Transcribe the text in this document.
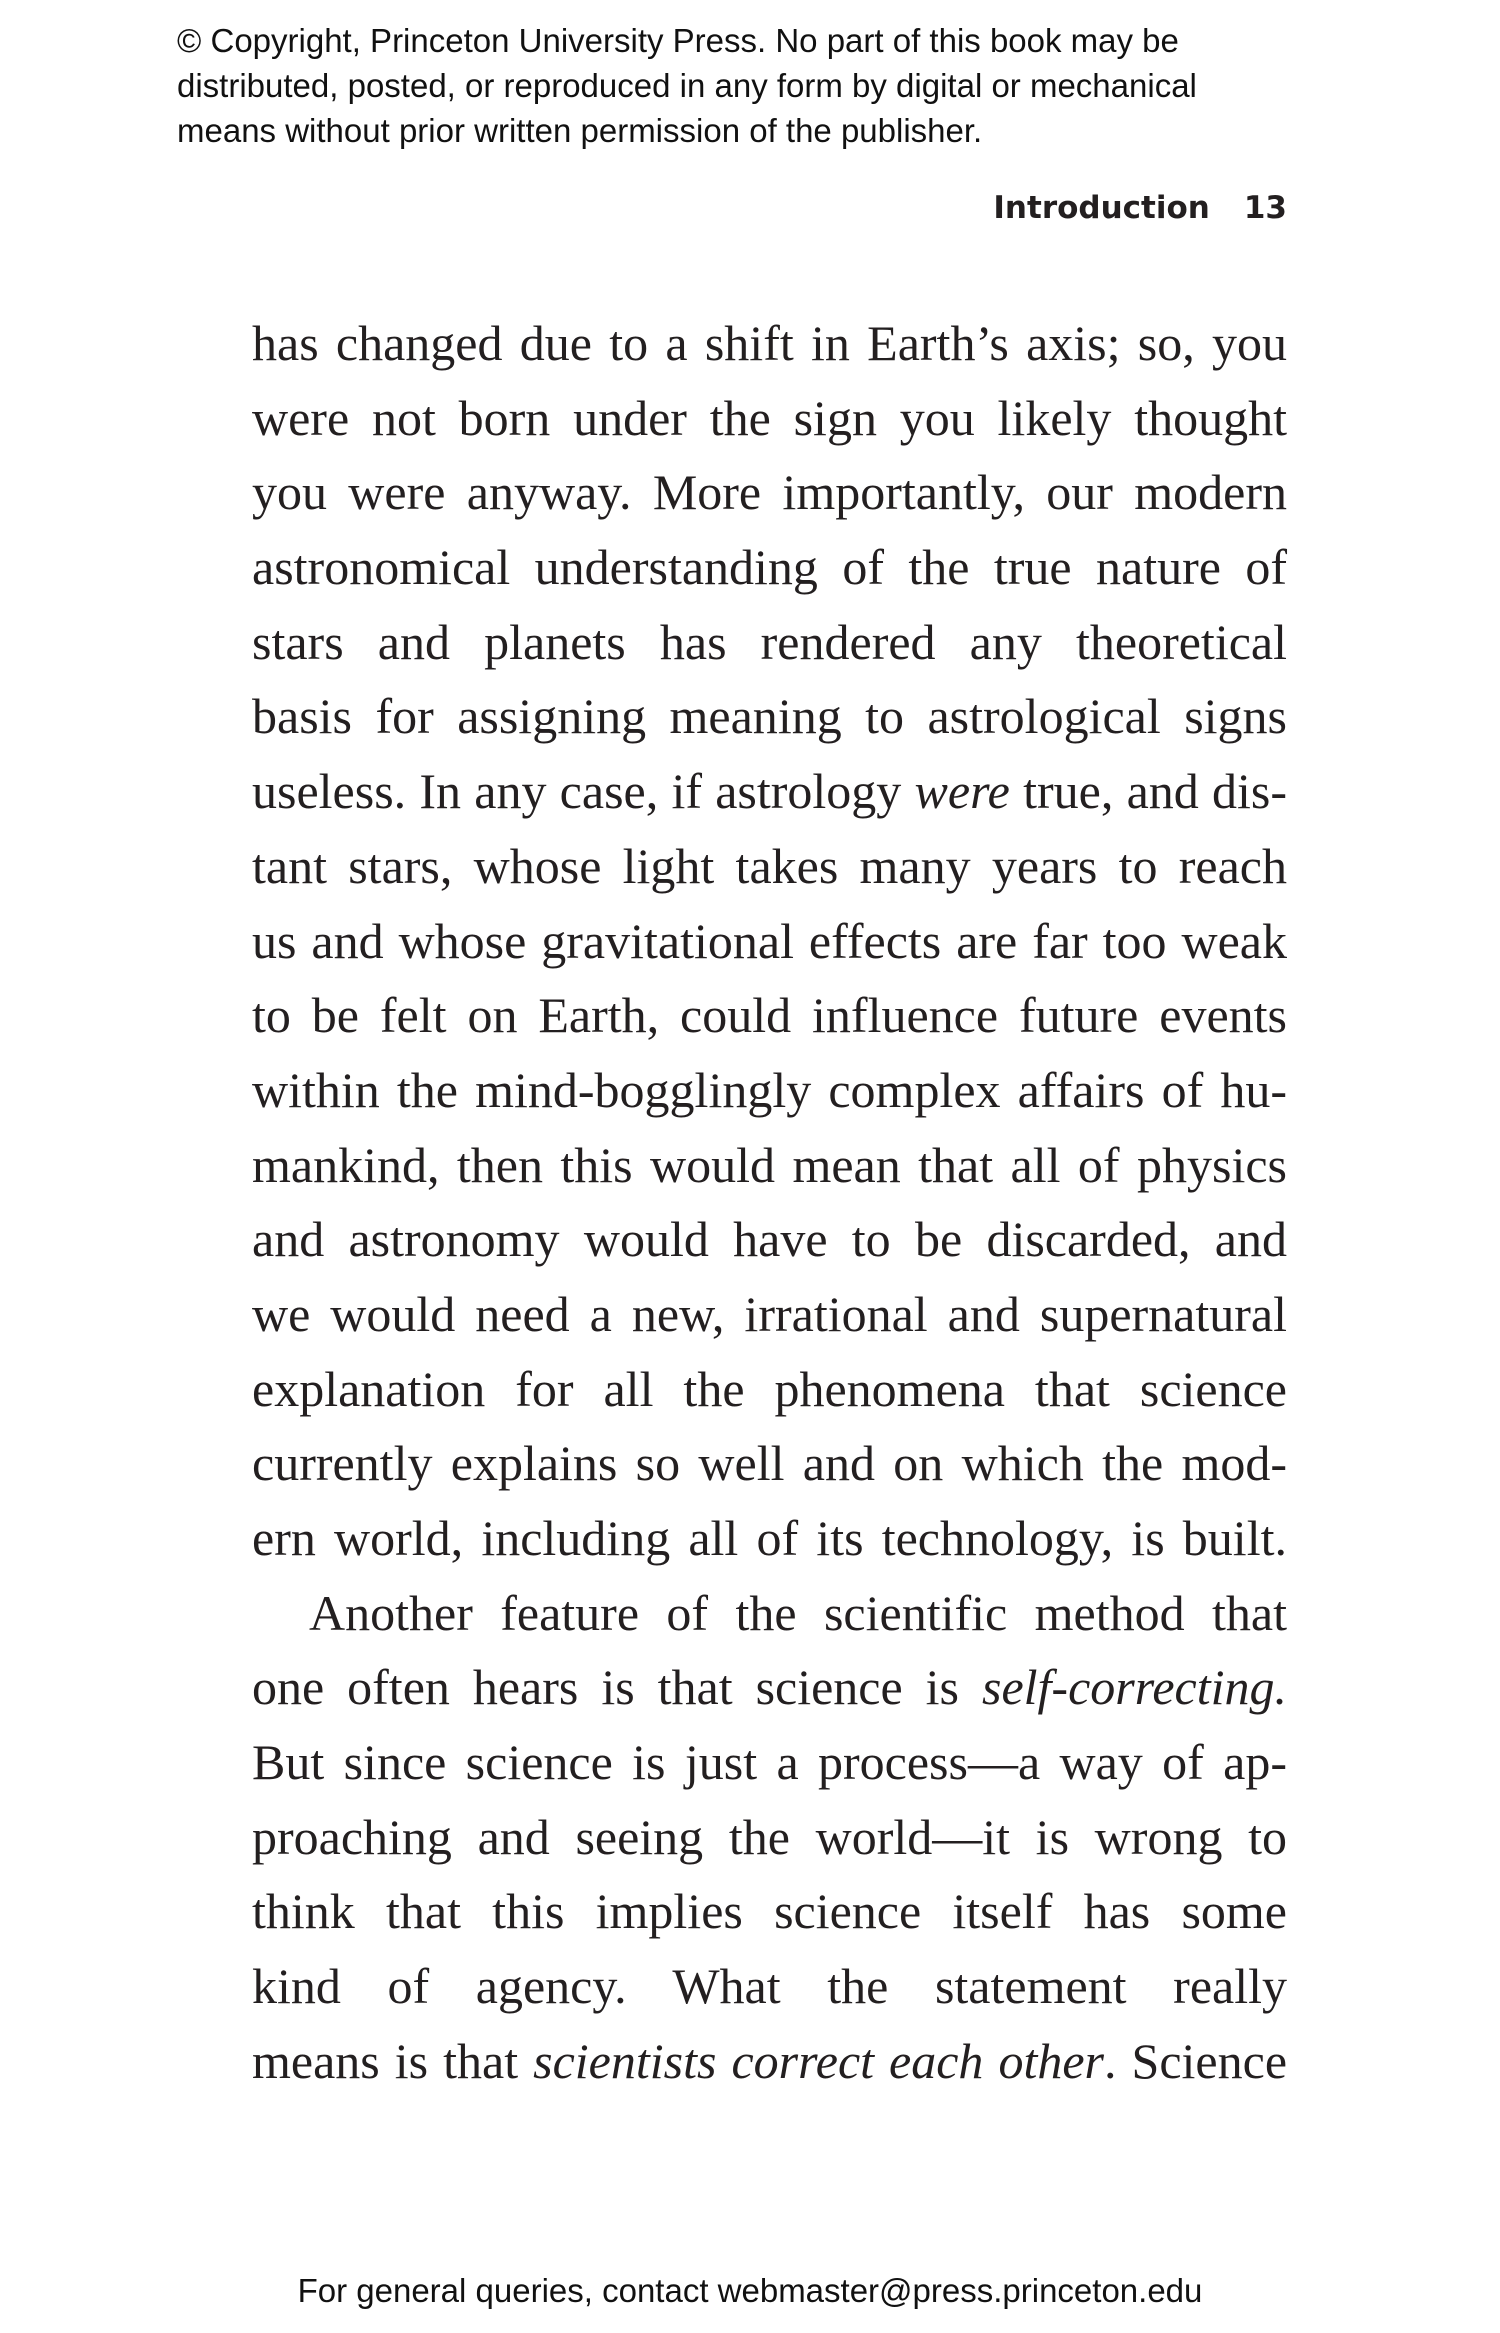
© Copyright, Princeton University Press. No part of this book may be
distributed, posted, or reproduced in any form by digital or mechanical
means without prior written permission of the publisher.
Introduction 13
has changed due to a shift in Earth’s axis; so, you
were not born under the sign you likely thought
you were anyway. More importantly, our modern
astronomical understanding of the true nature of
stars and planets has rendered any theoretical
basis for assigning meaning to astrological signs
useless. In any case, if astrology were true, and dis-
tant stars, whose light takes many years to reach
us and whose gravitational effects are far too weak
to be felt on Earth, could influence future events
within the mind-bogglingly complex affairs of hu-
mankind, then this would mean that all of physics
and astronomy would have to be discarded, and
we would need a new, irrational and supernatural
explanation for all the phenomena that science
currently explains so well and on which the mod-
ern world, including all of its technology, is built.
Another feature of the scientific method that
one often hears is that science is self-correcting.
But since science is just a process—a way of ap-
proaching and seeing the world—it is wrong to
think that this implies science itself has some
kind of agency. What the statement really
means is that scientists correct each other. Science
For general queries, contact webmaster@press.princeton.edu
